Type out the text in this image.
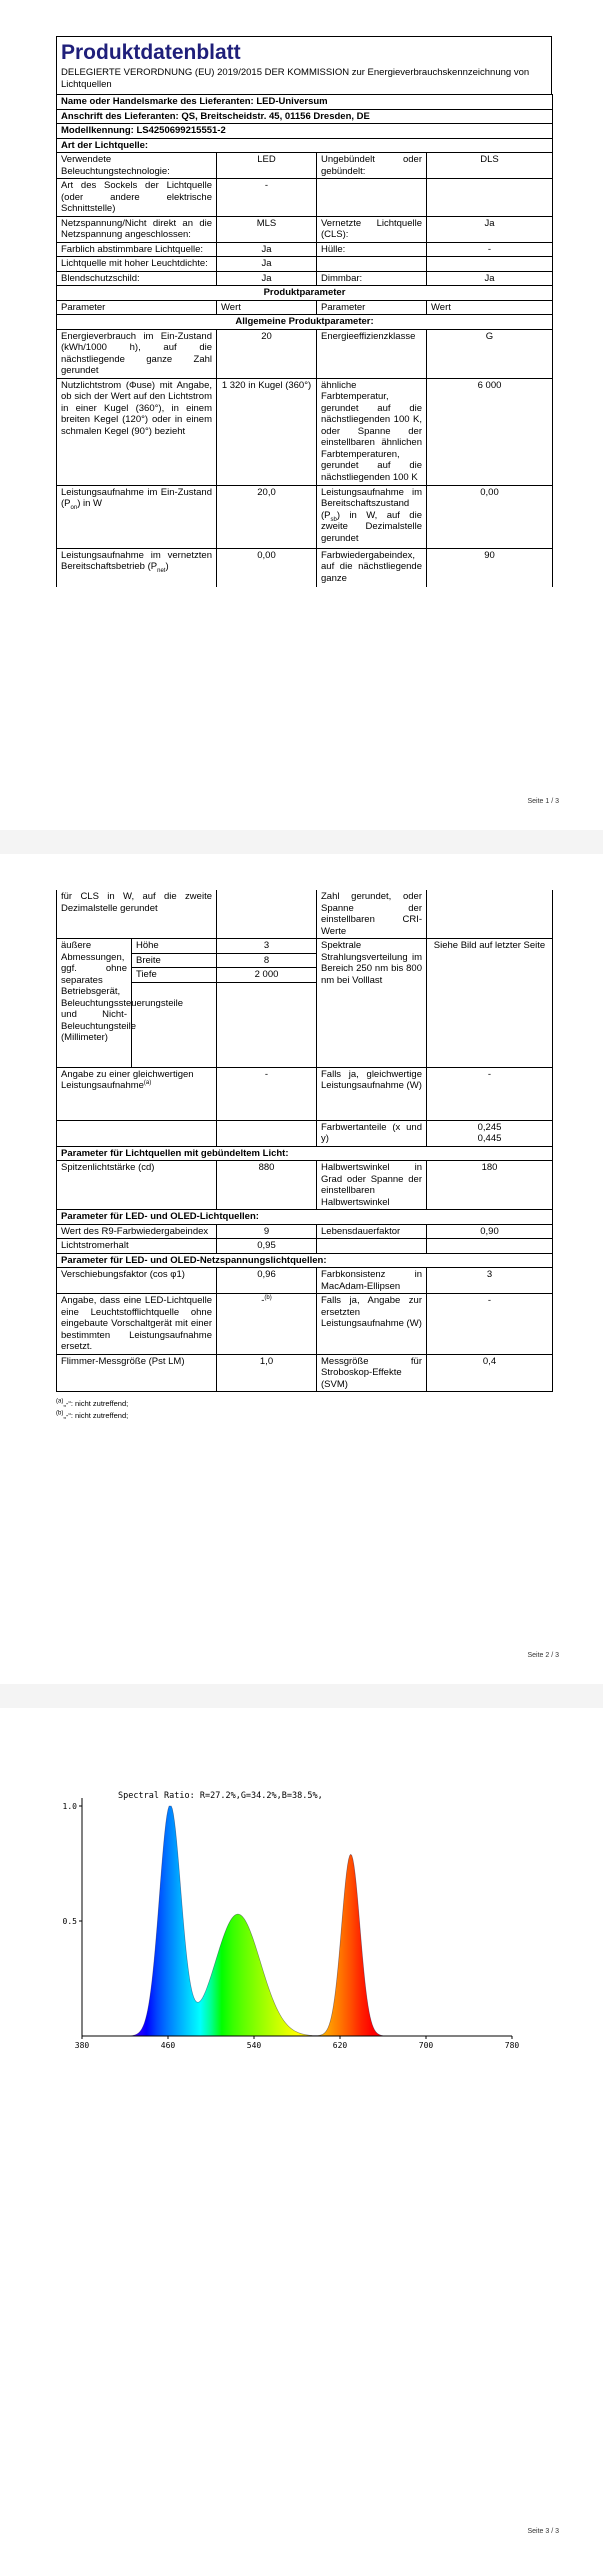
Produktdatenblatt
DELEGIERTE VERORDNUNG (EU) 2019/2015 DER KOMMISSION zur Energieverbrauchskennzeichnung von Lichtquellen
Name oder Handelsmarke des Lieferanten: LED-Universum			
Anschrift des Lieferanten: QS, Breitscheidstr. 45, 01156 Dresden, DE			
Modellkennung: LS4250699215551-2			
Art der Lichtquelle:			
Verwendete Beleuchtungstechnologie:	LED	Ungebündelt oder gebündelt:	DLS
Art des Sockels der Lichtquelle (oder andere elektrische Schnittstelle)	-		
Netzspannung/Nicht direkt an die Netzspannung angeschlossen:	MLS	Vernetzte Lichtquelle (CLS):	Ja
Farblich abstimmbare Lichtquelle:	Ja	Hülle:	-
Lichtquelle mit hoher Leuchtdichte:	Ja		
Blendschutzschild:	Ja	Dimmbar:	Ja
Produktparameter			
Parameter	Wert	Parameter	Wert
Allgemeine Produktparameter:			
Energieverbrauch im Ein-Zustand (kWh/1000 h), auf die nächstliegende ganze Zahl gerundet	20	Energieeffizienzklasse	G
Nutzlichtstrom (Φuse) mit Angabe, ob sich der Wert auf den Lichtstrom in einer Kugel (360°), in einem breiten Kegel (120°) oder in einem schmalen Kegel (90°) bezieht	1 320 in Kugel (360°)	ähnliche Farbtemperatur, gerundet auf die nächstliegenden 100 K, oder Spanne der einstellbaren ähnlichen Farbtemperaturen, gerundet auf die nächstliegenden 100 K	6 000
Leistungsaufnahme im Ein-Zustand $(P_{on})$ in W	20,0	Leistungsaufnahme im Bereitschaftszustand $(P_{sb})$ in W, auf die zweite Dezimalstelle gerundet	0,00
Leistungsaufnahme im vernetzten Bereitschaftsbetrieb $(P_{net})$	0,00	Farbwiedergabeindex, auf die nächstliegende ganze	90
Seite 1 / 3
für CLS in W, auf die zweite Dezimalstelle gerundet			Zahl gerundet, oder Spanne der einstellbaren CRI-Werte	
äußere Abmessungen, ggf. ohne separates Betriebsgerät, Beleuchtungssteuerungsteile und Nicht-Beleuchtungsteile (Millimeter)	Höhe	3	Spektrale Strahlungsverteilung im Bereich 250 nm bis 800 nm bei Volllast	Siehe Bild auf letzter Seite
	Breite	8		
	Tiefe	2 000		

Angabe zu einer gleichwertigen Leistungsaufnahme$^{(a)}$		-	Falls ja, gleichwertige Leistungsaufnahme (W)	-
			Farbwertanteile (x und y)	0,245
0,445

Parameter für Lichtquellen mit gebündeltem Licht:				
Spitzenlichtstärke (cd)		880	Halbwertswinkel in Grad oder Spanne der einstellbaren Halbwertswinkel	180
Parameter für LED- und OLED-Lichtquellen:				
Wert des R9-Farbwiedergabeindex		9	Lebensdauerfaktor	0,90
Lichtstromerhalt		0,95		
Parameter für LED- und OLED-Netzspannungslichtquellen:				
Verschiebungsfaktor (cos φ1)		0,96	Farbkonsistenz in MacAdam-Ellipsen	3
Angabe, dass eine LED-Lichtquelle eine Leuchtstofflichtquelle ohne eingebaute Vorschaltgerät mit einer bestimmten Leistungsaufnahme ersetzt.		-$^{(b)}$	Falls ja, Angabe zur ersetzten Leistungsaufnahme (W)	-
Flimmer-Messgröße (Pst LM)		1,0	Messgröße für Stroboskop-Effekte (SVM)	0,4
$^{(a)}$„-“: nicht zutreffend;
$^{(b)}$„-“: nicht zutreffend;
Seite 2 / 3
Spectral Ratio: R=27.2%,G=34.2%,B=38.5%,
380	460	540	620	700	780
1.0
0.5
Seite 3 / 3
